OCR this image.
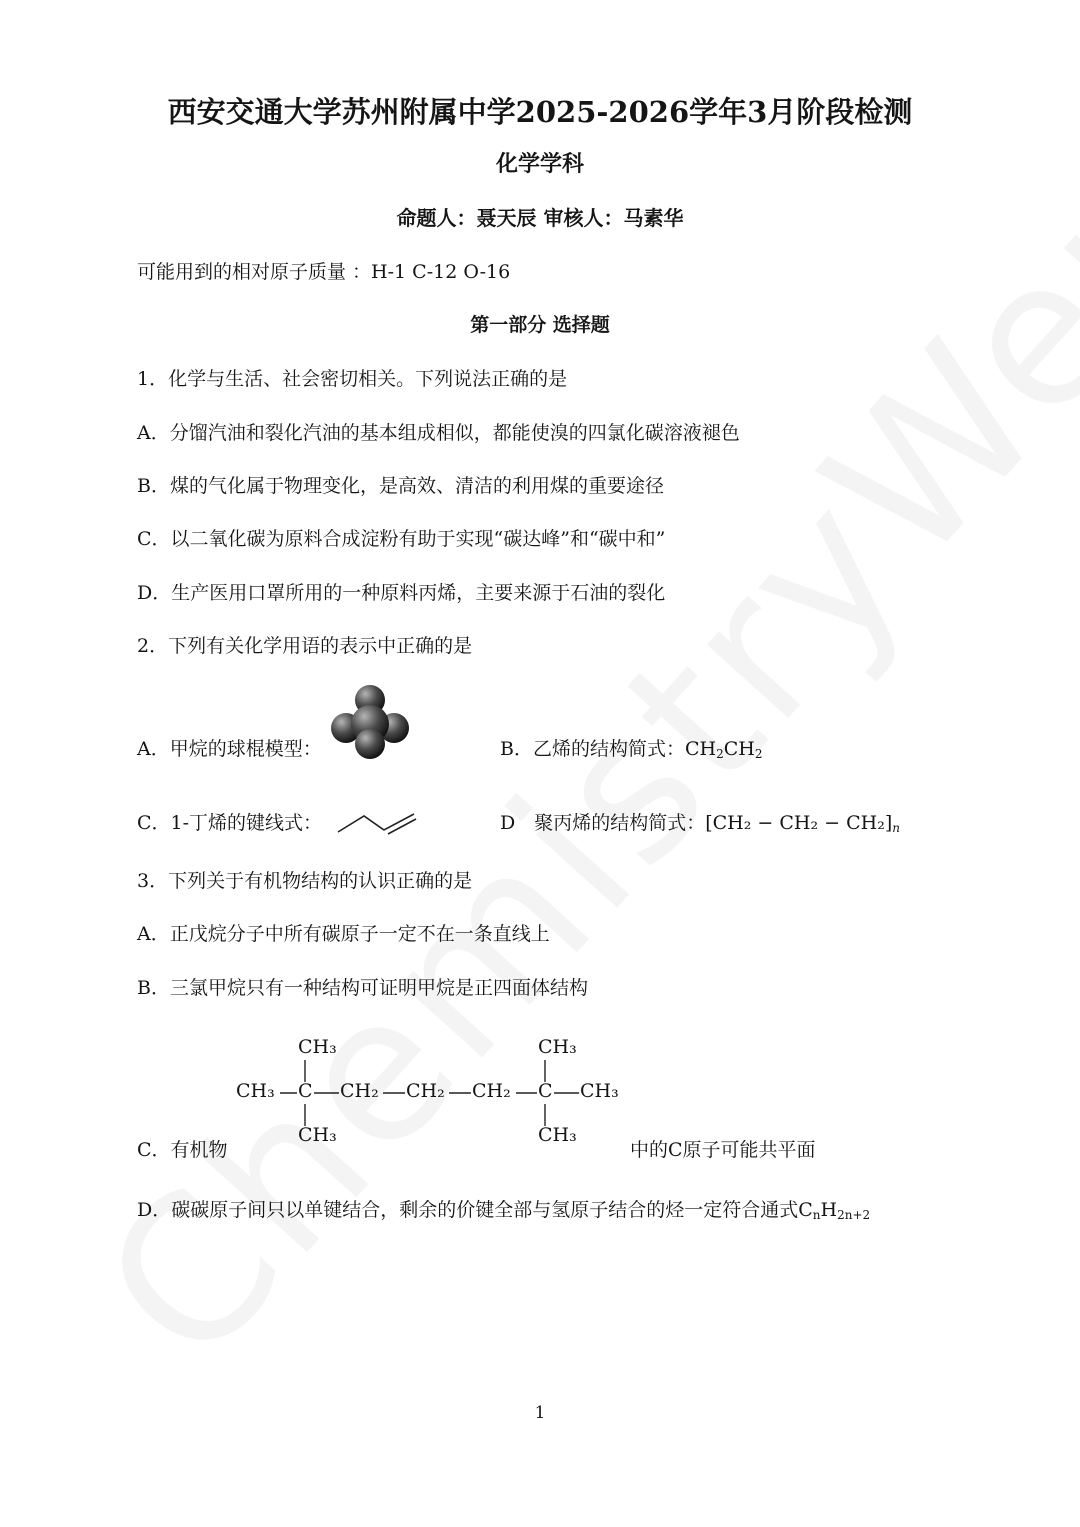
西安交通大学苏州附属中学2025-2026学年3月阶段检测
化学学科
命题人：聂天辰 审核人：马素华
可能用到的相对原子质量 ：H-1 C-12 O-16
第一部分 选择题
1．化学与生活、社会密切相关。下列说法正确的是
A．分馏汽油和裂化汽油的基本组成相似，都能使溴的四氯化碳溶液褪色
B．煤的气化属于物理变化，是高效、清洁的利用煤的重要途径
C．以二氧化碳为原料合成淀粉有助于实现“碳达峰”和“碳中和”
D．生产医用口罩所用的一种原料丙烯，主要来源于石油的裂化
2．下列有关化学用语的表示中正确的是
A．甲烷的球棍模型：	B．乙烯的结构简式：$CH_2CH_2$
C．1-丁烯的键线式：	D　聚丙烯的结构简式：$[CH_2 - CH_2 - CH_2]_n$
3．下列关于有机物结构的认识正确的是
A．正戊烷分子中所有碳原子一定不在一条直线上
B．三氯甲烷只有一种结构可证明甲烷是正四面体结构
C．有机物
CH₃	CH₃
CH₃ C CH₂ CH₂ CH₂ C CH₃
CH₃	CH₃
中的C原子可能共平面
D．碳碳原子间只以单键结合，剩余的价键全部与氢原子结合的烃一定符合通式$C_nH_{2n+2}$
1
